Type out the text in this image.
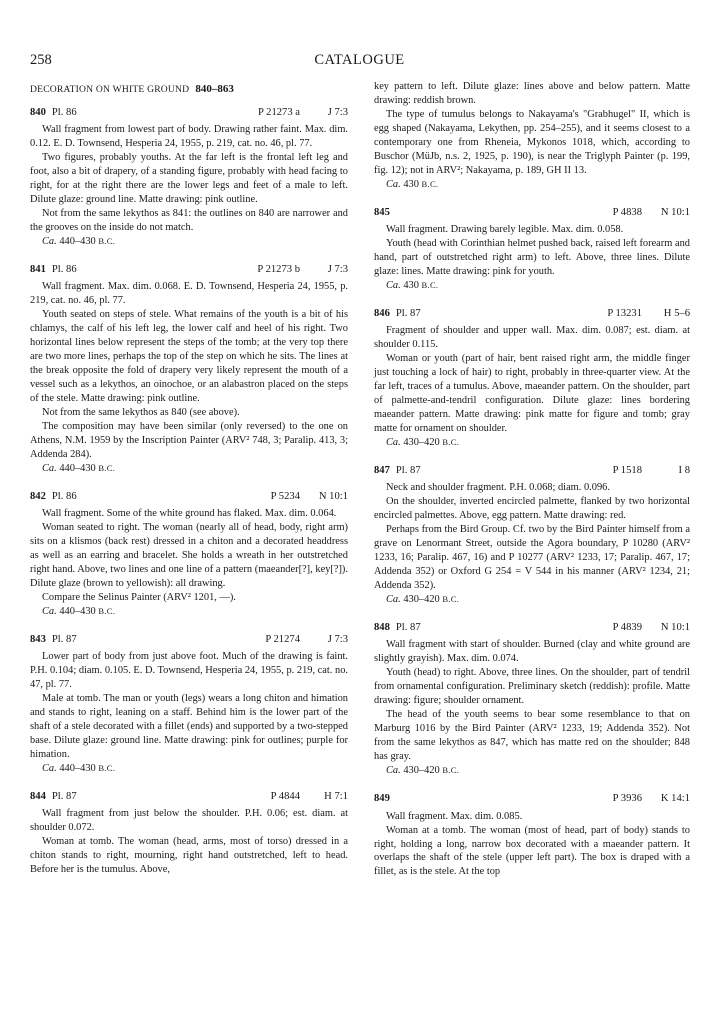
258	CATALOGUE
DECORATION ON WHITE GROUND 840–863
840 Pl. 86	P 21273 a	J 7:3

Wall fragment from lowest part of body. Drawing rather faint. Max. dim. 0.12. E. D. Townsend, Hesperia 24, 1955, p. 219, cat. no. 46, pl. 77.

Two figures, probably youths. At the far left is the frontal left leg and foot, also a bit of drapery, of a standing figure, probably with head facing to right, for at the right there are the lower legs and feet of a male to left. Dilute glaze: ground line. Matte drawing: pink outline.

Not from the same lekythos as 841: the outlines on 840 are narrower and the grooves on the inside do not match.

Ca. 440–430 B.C.

841 Pl. 86	P 21273 b	J 7:3

Wall fragment. Max. dim. 0.068. E. D. Townsend, Hesperia 24, 1955, p. 219, cat. no. 46, pl. 77.

Youth seated on steps of stele. What remains of the youth is a bit of his chlamys, the calf of his left leg, the lower calf and heel of his right. Two horizontal lines below represent the steps of the tomb; at the very top there are two more lines, perhaps the top of the step on which he sits. The lines at the break opposite the fold of drapery very likely represent the mouth of a vessel such as a lekythos, an oinochoe, or an alabastron placed on the steps of the stele. Matte drawing: pink outline.

Not from the same lekythos as 840 (see above).

The composition may have been similar (only reversed) to the one on Athens, N.M. 1959 by the Inscription Painter (ARV² 748, 3; Paralip. 413, 3; Addenda 284).

Ca. 440–430 B.C.

842 Pl. 86	P 5234	N 10:1

Wall fragment. Some of the white ground has flaked. Max. dim. 0.064.

Woman seated to right. The woman (nearly all of head, body, right arm) sits on a klismos (back rest) dressed in a chiton and a decorated headdress as well as an earring and bracelet. She holds a wreath in her outstretched right hand. Above, two lines and one line of a pattern (maeander[?], key[?]). Dilute glaze (brown to yellowish): all drawing.

Compare the Selinus Painter (ARV² 1201, —).

Ca. 440–430 B.C.

843 Pl. 87	P 21274	J 7:3

Lower part of body from just above foot. Much of the drawing is faint. P.H. 0.104; diam. 0.105. E. D. Townsend, Hesperia 24, 1955, p. 219, cat. no. 47, pl. 77.

Male at tomb. The man or youth (legs) wears a long chiton and himation and stands to right, leaning on a staff. Behind him is the lower part of the shaft of a stele decorated with a fillet (ends) and supported by a two-stepped base. Dilute glaze: ground line. Matte drawing: pink for outlines; purple for himation.

Ca. 440–430 B.C.

844 Pl. 87	P 4844	H 7:1

Wall fragment from just below the shoulder. P.H. 0.06; est. diam. at shoulder 0.072.

Woman at tomb. The woman (head, arms, most of torso) dressed in a chiton stands to right, mourning, right hand outstretched, left to head. Before her is the tumulus. Above,

key pattern to left. Dilute glaze: lines above and below pattern. Matte drawing: reddish brown.

The type of tumulus belongs to Nakayama's "Grabhugel" II, which is egg shaped (Nakayama, Lekythen, pp. 254–255), and it seems closest to a contemporary one from Rheneia, Mykonos 1018, which, according to Buschor (MüJb, n.s. 2, 1925, p. 190), is near the Triglyph Painter (p. 199, fig. 12); not in ARV²; Nakayama, p. 189, GH II 13.

Ca. 430 B.C.

845	P 4838	N 10:1

Wall fragment. Drawing barely legible. Max. dim. 0.058.

Youth (head with Corinthian helmet pushed back, raised left forearm and hand, part of outstretched right arm) to left. Above, three lines. Dilute glaze: lines. Matte drawing: pink for youth.

Ca. 430 B.C.

846 Pl. 87	P 13231	H 5–6

Fragment of shoulder and upper wall. Max. dim. 0.087; est. diam. at shoulder 0.115.

Woman or youth (part of hair, bent raised right arm, the middle finger just touching a lock of hair) to right, probably in three-quarter view. At the far left, traces of a tumulus. Above, maeander pattern. On the shoulder, part of palmette-and-tendril configuration. Dilute glaze: lines bordering maeander pattern. Matte drawing: pink matte for figure and tomb; gray matte for ornament on shoulder.

Ca. 430–420 B.C.

847 Pl. 87	P 1518	I 8

Neck and shoulder fragment. P.H. 0.068; diam. 0.096.

On the shoulder, inverted encircled palmette, flanked by two horizontal encircled palmettes. Above, egg pattern. Matte drawing: red.

Perhaps from the Bird Group. Cf. two by the Bird Painter himself from a grave on Lenormant Street, outside the Agora boundary, P 10280 (ARV² 1233, 16; Paralip. 467, 16) and P 10277 (ARV² 1233, 17; Paralip. 467, 17; Addenda 352) or Oxford G 254 = V 544 in his manner (ARV² 1234, 21; Addenda 352).

Ca. 430–420 B.C.

848 Pl. 87	P 4839	N 10:1

Wall fragment with start of shoulder. Burned (clay and white ground are slightly grayish). Max. dim. 0.074.

Youth (head) to right. Above, three lines. On the shoulder, part of tendril from ornamental configuration. Preliminary sketch (reddish): profile. Matte drawing: figure; shoulder ornament.

The head of the youth seems to bear some resemblance to that on Marburg 1016 by the Bird Painter (ARV² 1233, 19; Addenda 352). Not from the same lekythos as 847, which has matte red on the shoulder; 848 has gray.

Ca. 430–420 B.C.

849	P 3936	K 14:1

Wall fragment. Max. dim. 0.085.

Woman at a tomb. The woman (most of head, part of body) stands to right, holding a long, narrow box decorated with a maeander pattern. It overlaps the shaft of the stele (upper left part). The box is draped with a fillet, as is the stele. At the top
